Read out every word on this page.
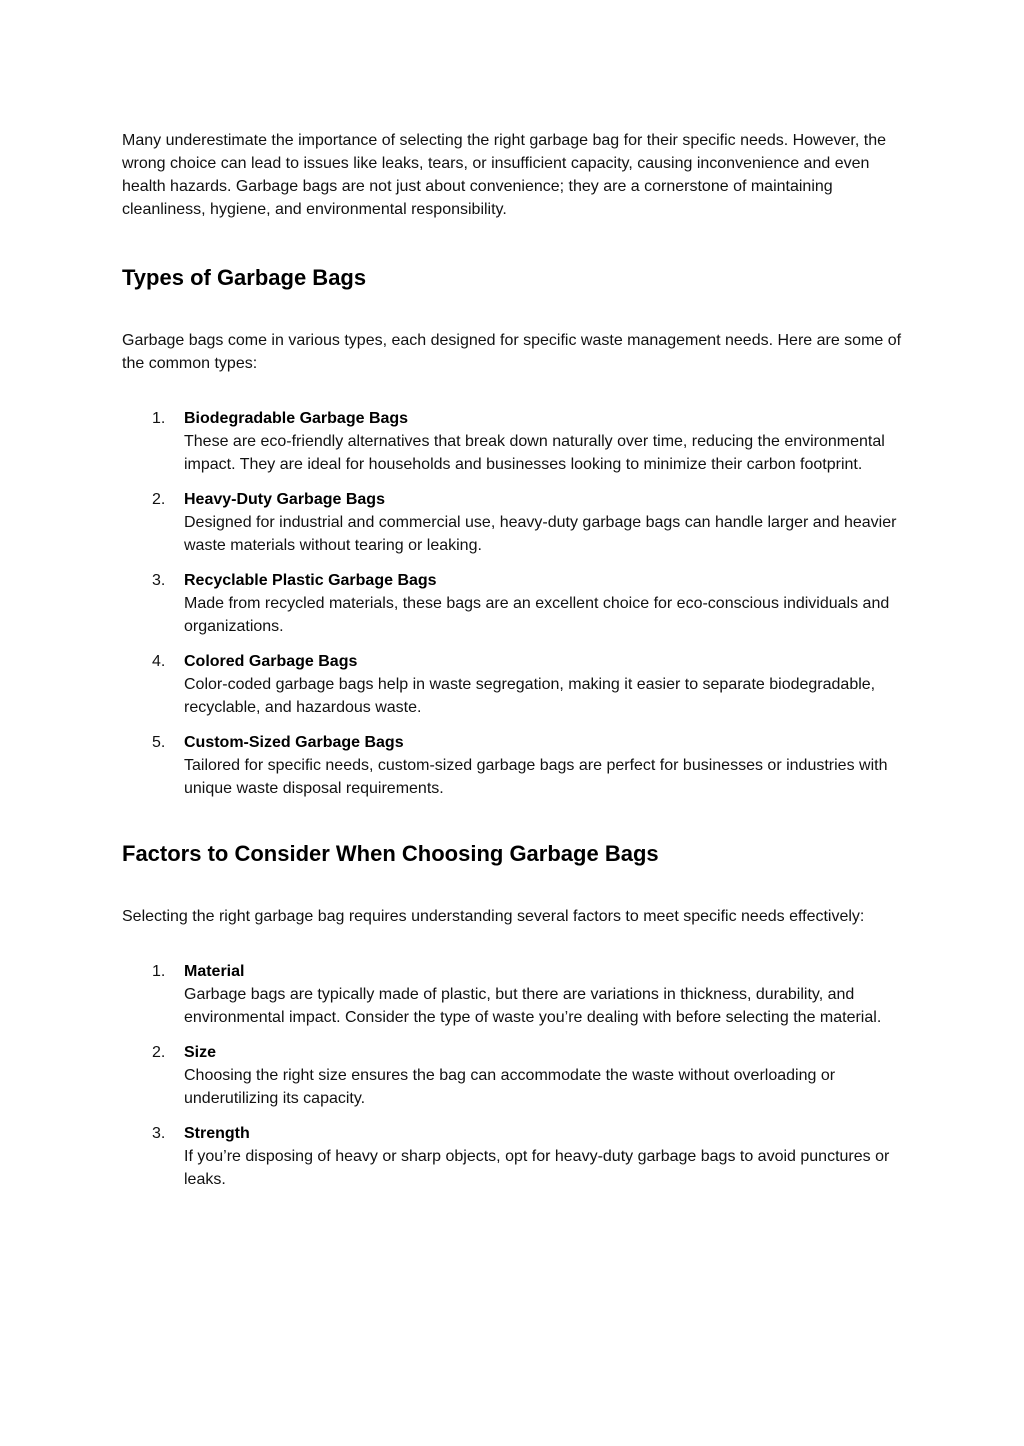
Many underestimate the importance of selecting the right garbage bag for their specific needs. However, the wrong choice can lead to issues like leaks, tears, or insufficient capacity, causing inconvenience and even health hazards. Garbage bags are not just about convenience; they are a cornerstone of maintaining cleanliness, hygiene, and environmental responsibility.

Types of Garbage Bags

Garbage bags come in various types, each designed for specific waste management needs. Here are some of the common types:

1.	Biodegradable Garbage Bags
These are eco-friendly alternatives that break down naturally over time, reducing the environmental impact. They are ideal for households and businesses looking to minimize their carbon footprint.
2.	Heavy-Duty Garbage Bags
Designed for industrial and commercial use, heavy-duty garbage bags can handle larger and heavier waste materials without tearing or leaking.
3.	Recyclable Plastic Garbage Bags
Made from recycled materials, these bags are an excellent choice for eco-conscious individuals and organizations.
4.	Colored Garbage Bags
Color-coded garbage bags help in waste segregation, making it easier to separate biodegradable, recyclable, and hazardous waste.
5.	Custom-Sized Garbage Bags
Tailored for specific needs, custom-sized garbage bags are perfect for businesses or industries with unique waste disposal requirements.
Factors to Consider When Choosing Garbage Bags

Selecting the right garbage bag requires understanding several factors to meet specific needs effectively:

1.	Material
Garbage bags are typically made of plastic, but there are variations in thickness, durability, and environmental impact. Consider the type of waste you’re dealing with before selecting the material.
2.	Size
Choosing the right size ensures the bag can accommodate the waste without overloading or underutilizing its capacity.
3.	Strength
If you’re disposing of heavy or sharp objects, opt for heavy-duty garbage bags to avoid punctures or leaks.
